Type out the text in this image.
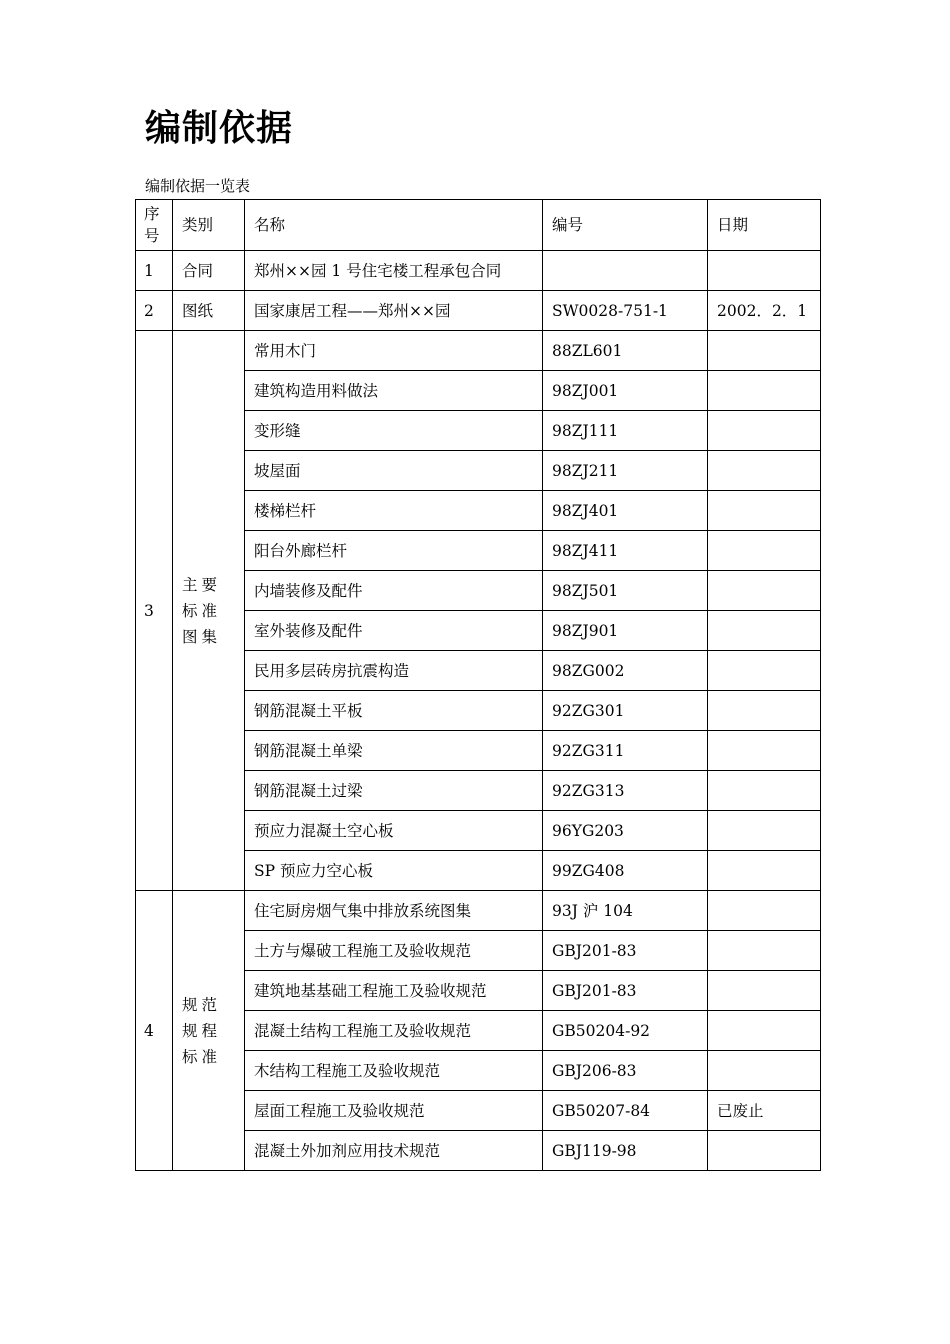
编制依据
编制依据一览表
序号	类别	名称	编号	日期
1	合同	郑州××园 1 号住宅楼工程承包合同		
2	图纸	国家康居工程——郑州××园	SW0028-751-1	2002．2．1
3	主要标准图集	常用木门	88ZL601	
		建筑构造用料做法	98ZJ001	
		变形缝	98ZJ111	
		坡屋面	98ZJ211	
		楼梯栏杆	98ZJ401	
		阳台外廊栏杆	98ZJ411	
		内墙装修及配件	98ZJ501	
		室外装修及配件	98ZJ901	
		民用多层砖房抗震构造	98ZG002	
		钢筋混凝土平板	92ZG301	
		钢筋混凝土单梁	92ZG311	
		钢筋混凝土过梁	92ZG313	
		预应力混凝土空心板	96YG203	
		SP 预应力空心板	99ZG408	
4	规范规程标准	住宅厨房烟气集中排放系统图集	93J 沪 104	
		土方与爆破工程施工及验收规范	GBJ201-83	
		建筑地基基础工程施工及验收规范	GBJ201-83	
		混凝土结构工程施工及验收规范	GB50204-92	
		木结构工程施工及验收规范	GBJ206-83	
		屋面工程施工及验收规范	GB50207-84	已废止
		混凝土外加剂应用技术规范	GBJ119-98	
